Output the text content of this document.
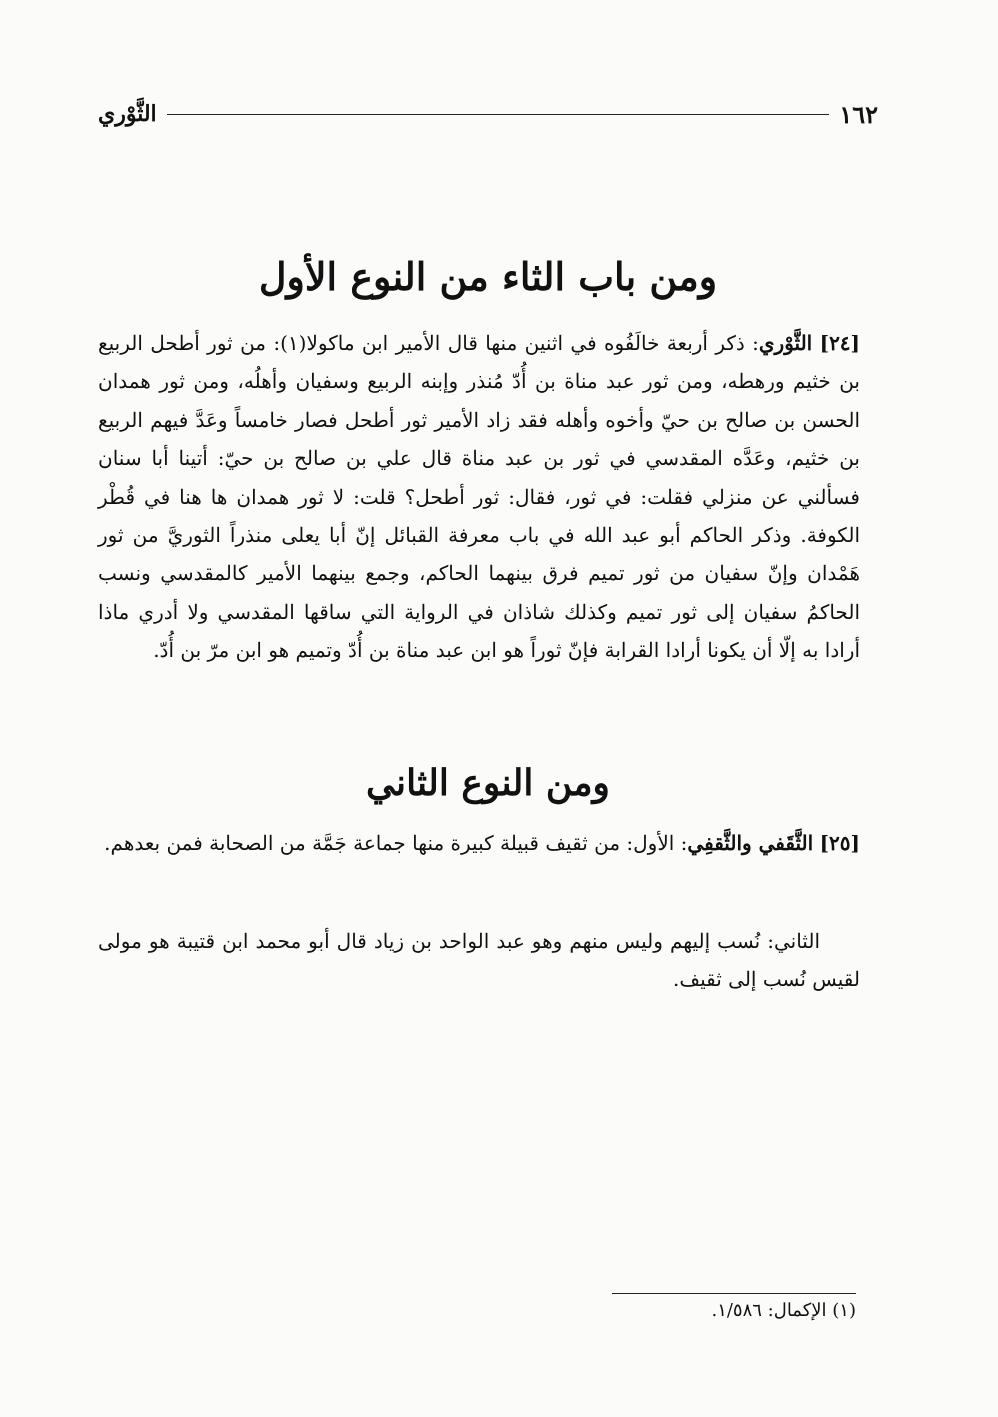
١٦٢
الثَّوْري
ومن باب الثاء من النوع الأول

[٢٤] الثَّوْري: ذكر أربعة خالَفُوه في اثنين منها قال الأمير ابن ماكولا(١): من ثور أطحل الربيع بن خثيم ورهطه، ومن ثور عبد مناة بن أُدّ مُنذر وإبنه الربيع وسفيان وأهلُه، ومن ثور همدان الحسن بن صالح بن حيّ وأخوه وأهله فقد زاد الأمير ثور أطحل فصار خامساً وعَدَّ فيهم الربيع بن خثيم، وعَدَّه المقدسي في ثور بن عبد مناة قال علي بن صالح بن حيّ: أتينا أبا سنان فسألني عن منزلي فقلت: في ثور، فقال: ثور أطحل؟ قلت: لا ثور همدان ها هنا في قُطْر الكوفة. وذكر الحاكم أبو عبد الله في باب معرفة القبائل إنّ أبا يعلى منذراً الثوريَّ من ثور هَمْدان وإنّ سفيان من ثور تميم فرق بينهما الحاكم، وجمع بينهما الأمير كالمقدسي ونسب الحاكمُ سفيان إلى ثور تميم وكذلك شاذان في الرواية التي ساقها المقدسي ولا أدري ماذا أرادا به إلّا أن يكونا أرادا القرابة فإنّ ثوراً هو ابن عبد مناة بن أُدّ وتميم هو ابن مرّ بن أُدّ.

ومن النوع الثاني

[٢٥] الثَّقَفي والثَّقفِي: الأول: من ثقيف قبيلة كبيرة منها جماعة جَمَّة من الصحابة فمن بعدهم.

الثاني: نُسب إليهم وليس منهم وهو عبد الواحد بن زياد قال أبو محمد ابن قتيبة هو مولى لقيس نُسب إلى ثقيف.

(١) الإكمال: ١/٥٨٦.
